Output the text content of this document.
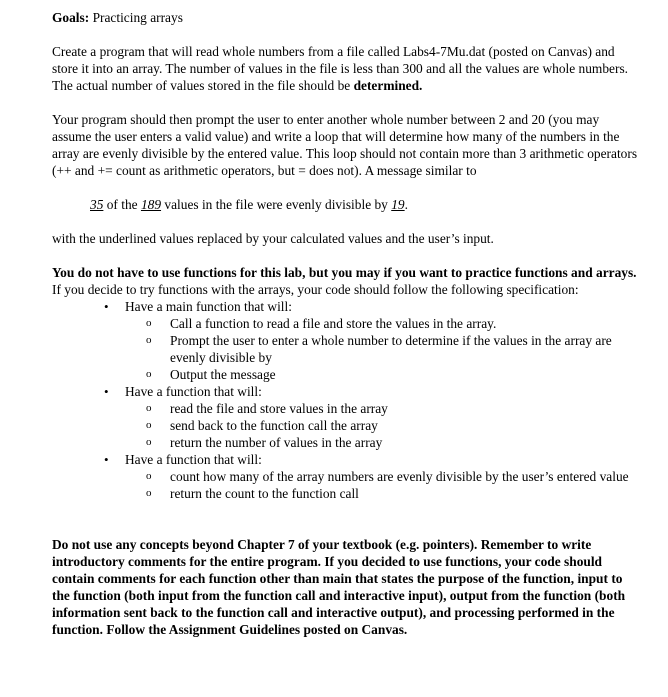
Goals: Practicing arrays

Create a program that will read whole numbers from a file called Labs4-7Mu.dat (posted on Canvas) and store it into an array. The number of values in the file is less than 300 and all the values are whole numbers. The actual number of values stored in the file should be determined.

Your program should then prompt the user to enter another whole number between 2 and 20 (you may assume the user enters a valid value) and write a loop that will determine how many of the numbers in the array are evenly divisible by the entered value. This loop should not contain more than 3 arithmetic operators (++ and += count as arithmetic operators, but = does not). A message similar to

35 of the 189 values in the file were evenly divisible by 19.

with the underlined values replaced by your calculated values and the user’s input.

You do not have to use functions for this lab, but you may if you want to practice functions and arrays. If you decide to try functions with the arrays, your code should follow the following specification:

• Have a main function that will:
o Call a function to read a file and store the values in the array.
o Prompt the user to enter a whole number to determine if the values in the array are evenly divisible by
o Output the message
• Have a function that will:
o read the file and store values in the array
o send back to the function call the array
o return the number of values in the array
• Have a function that will:
o count how many of the array numbers are evenly divisible by the user’s entered value
o return the count to the function call

Do not use any concepts beyond Chapter 7 of your textbook (e.g. pointers). Remember to write introductory comments for the entire program. If you decided to use functions, your code should contain comments for each function other than main that states the purpose of the function, input to the function (both input from the function call and interactive input), output from the function (both information sent back to the function call and interactive output), and processing performed in the function. Follow the Assignment Guidelines posted on Canvas.
